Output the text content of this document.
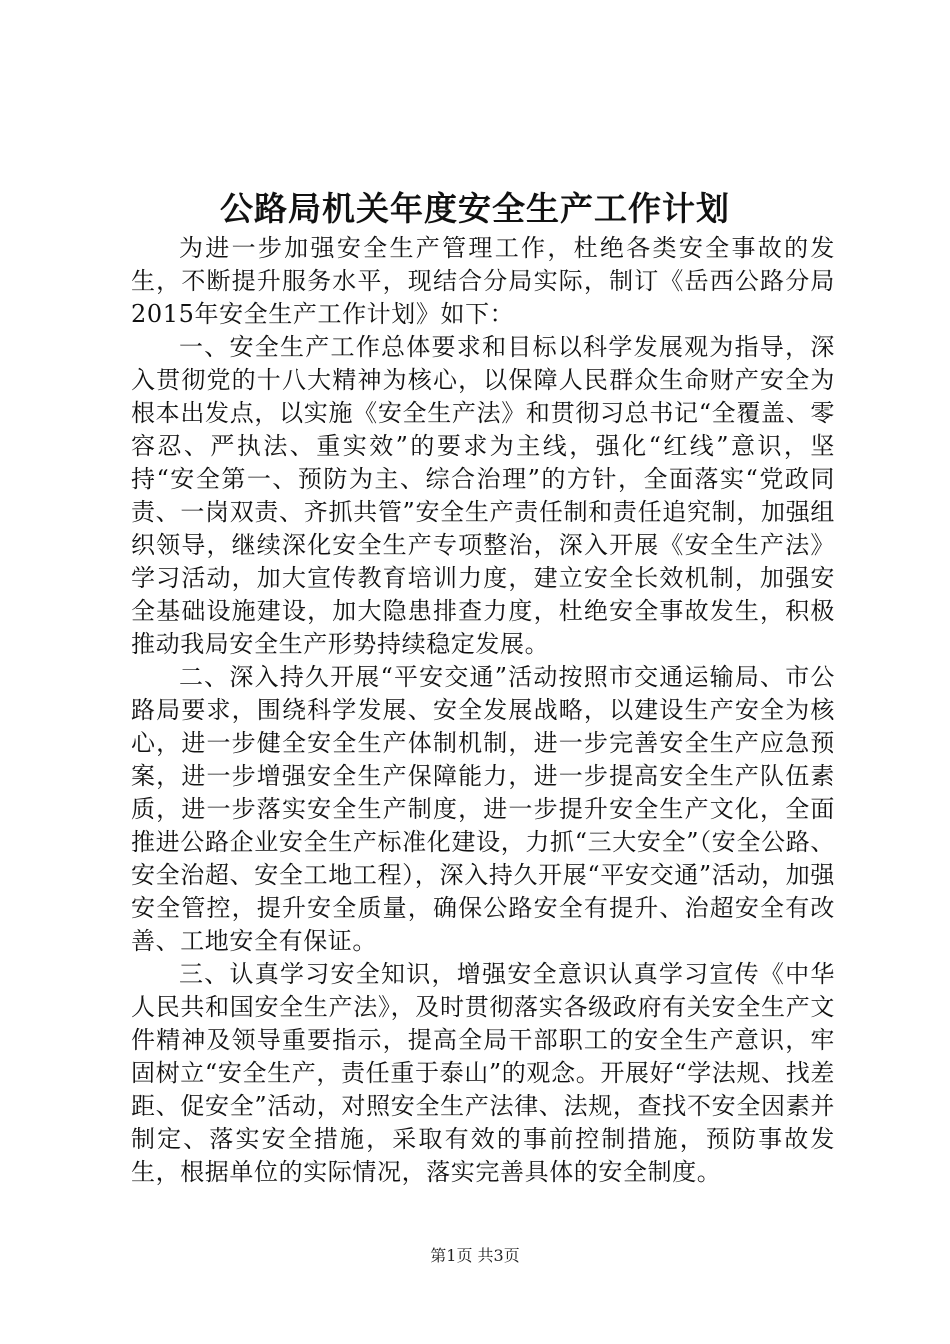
公路局机关年度安全生产工作计划

为进一步加强安全生产管理工作，杜绝各类安全事故的发生，不断提升服务水平，现结合分局实际，制订《岳西公路分局2015年安全生产工作计划》如下：

一、安全生产工作总体要求和目标以科学发展观为指导，深入贯彻党的十八大精神为核心，以保障人民群众生命财产安全为根本出发点，以实施《安全生产法》和贯彻习总书记“全覆盖、零容忍、严执法、重实效”的要求为主线，强化“红线”意识，坚持“安全第一、预防为主、综合治理”的方针，全面落实“党政同责、一岗双责、齐抓共管”安全生产责任制和责任追究制，加强组织领导，继续深化安全生产专项整治，深入开展《安全生产法》学习活动，加大宣传教育培训力度，建立安全长效机制，加强安全基础设施建设，加大隐患排查力度，杜绝安全事故发生，积极推动我局安全生产形势持续稳定发展。

二、深入持久开展“平安交通”活动按照市交通运输局、市公路局要求，围绕科学发展、安全发展战略，以建设生产安全为核心，进一步健全安全生产体制机制，进一步完善安全生产应急预案，进一步增强安全生产保障能力，进一步提高安全生产队伍素质，进一步落实安全生产制度，进一步提升安全生产文化，全面推进公路企业安全生产标准化建设，力抓“三大安全”（安全公路、安全治超、安全工地工程），深入持久开展“平安交通”活动，加强安全管控，提升安全质量，确保公路安全有提升、治超安全有改善、工地安全有保证。

三、认真学习安全知识，增强安全意识认真学习宣传《中华人民共和国安全生产法》，及时贯彻落实各级政府有关安全生产文件精神及领导重要指示，提高全局干部职工的安全生产意识，牢固树立“安全生产，责任重于泰山”的观念。开展好“学法规、找差距、促安全”活动，对照安全生产法律、法规，查找不安全因素并制定、落实安全措施，采取有效的事前控制措施，预防事故发生，根据单位的实际情况，落实完善具体的安全制度。

第1页 共3页
